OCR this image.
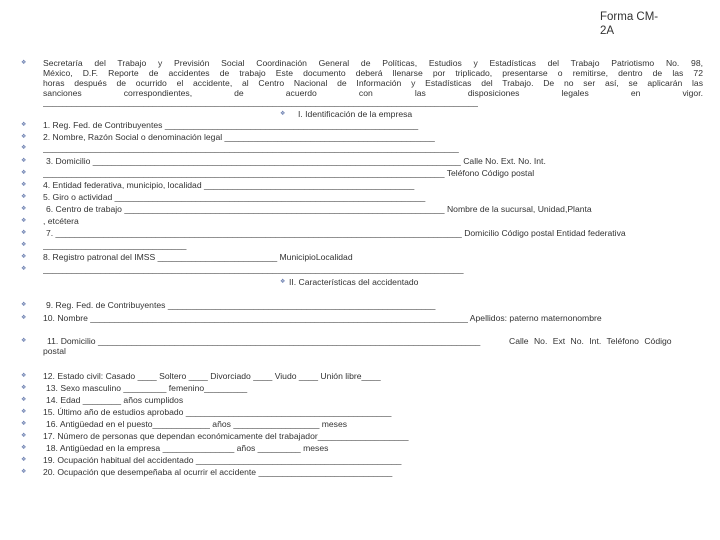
Forma CM-
2A
❖ Secretaría del Trabajo y Previsión Social Coordinación General de Políticas, Estudios y Estadísticas del Trabajo Patriotismo No. 98,
México, D.F. Reporte de accidentes de trabajo Este documento deberá llenarse por triplicado, presentarse o remitirse, dentro de las 72
horas después de ocurrido el accidente, al Centro Nacional de Información y Estadísticas del Trabajo. De no ser así, se aplicarán las
sanciones correspondientes, de acuerdo con las disposiciones legales en vigor.
___________________________________________________________________________________________
❖ I. Identificación de la empresa
❖ 1. Reg. Fed. de Contribuyentes _____________________________________________________
❖ 2. Nombre, Razón Social o denominación legal ____________________________________________
❖ _______________________________________________________________________________________
❖ 3. Domicilio _____________________________________________________________________________ Calle No. Ext. No. Int.
❖ ____________________________________________________________________________________ Teléfono Código postal
❖ 4. Entidad federativa, municipio, localidad ____________________________________________
❖ 5. Giro o actividad _________________________________________________________________
❖ 6. Centro de trabajo ___________________________________________________________________ Nombre de la sucursal, Unidad,Planta
❖ , etcétera
❖ 7. _____________________________________________________________________________________ Domicilio Código postal Entidad federativa
❖ ______________________________
❖ 8. Registro patronal del IMSS _________________________ MunicipioLocalidad
❖ ________________________________________________________________________________________
❖ II. Características del accidentado
❖ 9. Reg. Fed. de Contribuyentes ________________________________________________________
❖ 10. Nombre _______________________________________________________________________________ Apellidos: paterno maternonombre
❖ 11. Domicilio ________________________________________________________________________________	Calle No. Ext No. Int. Teléfono Código
postal
❖ 12. Estado civil: Casado ____ Soltero ____ Divorciado ____ Viudo ____ Unión libre____
❖ 13. Sexo masculino _________ femenino_________
❖ 14. Edad ________ años cumplidos
❖ 15. Último año de estudios aprobado ___________________________________________
❖ 16. Antigüedad en el puesto____________ años __________________ meses
❖ 17. Número de personas que dependan económicamente del trabajador___________________
❖ 18. Antigüedad en la empresa _______________ años _________ meses
❖ 19. Ocupación habitual del accidentado ___________________________________________
❖ 20. Ocupación que desempeñaba al ocurrir el accidente ____________________________
